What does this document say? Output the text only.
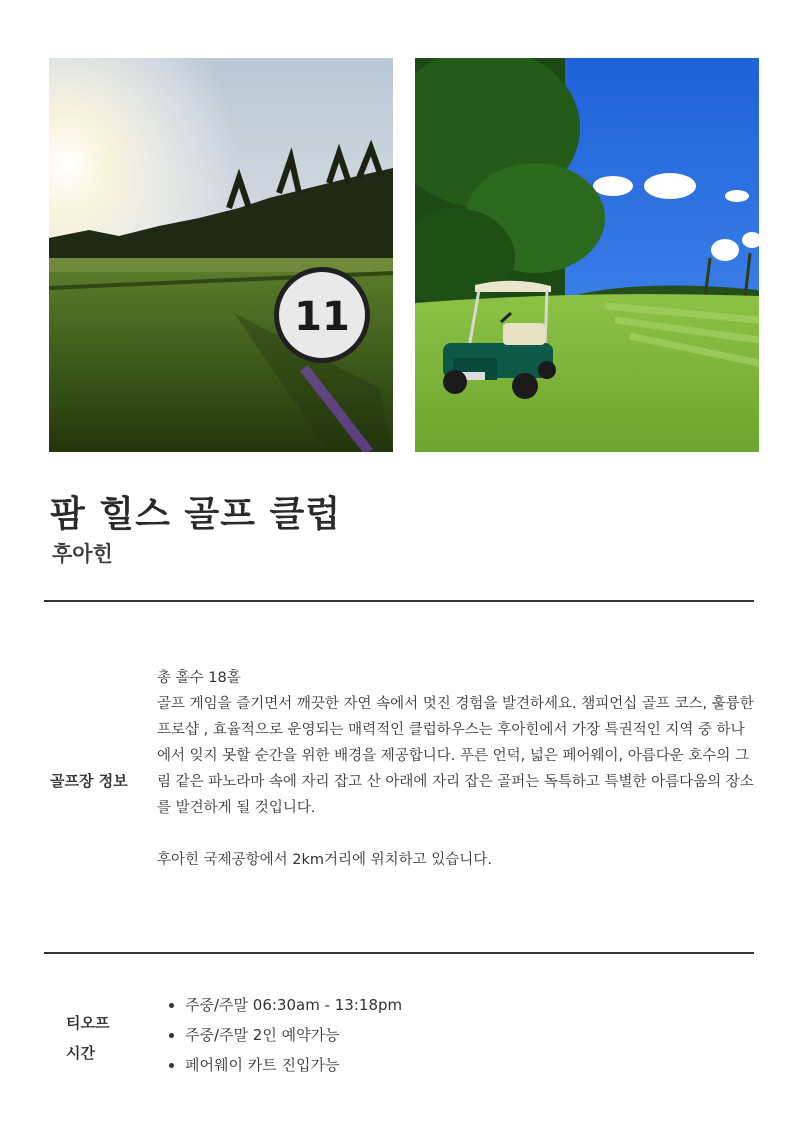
11
팜 힐스 골프 클럽
후아힌
골프장 정보

총 홀수 18홀

골프 게임을 즐기면서 깨끗한 자연 속에서 멋진 경험을 발견하세요. 챔피언십 골프 코스, 훌륭한 프로샵 , 효율적으로 운영되는 매력적인 클럽하우스는 후아힌에서 가장 특권적인 지역 중 하나에서 잊지 못할 순간을 위한 배경을 제공합니다. 푸른 언덕, 넓은 페어웨이, 아름다운 호수의 그림 같은 파노라마 속에 자리 잡고 산 아래에 자리 잡은 골퍼는 독특하고 특별한 아름다움의 장소를 발견하게 될 것입니다.

후아힌 국제공항에서 2km거리에 위치하고 있습니다.

티오프 시간
• 주중/주말 06:30am - 13:18pm
• 주중/주말 2인 예약가능
• 페어웨이 카트 진입가능
